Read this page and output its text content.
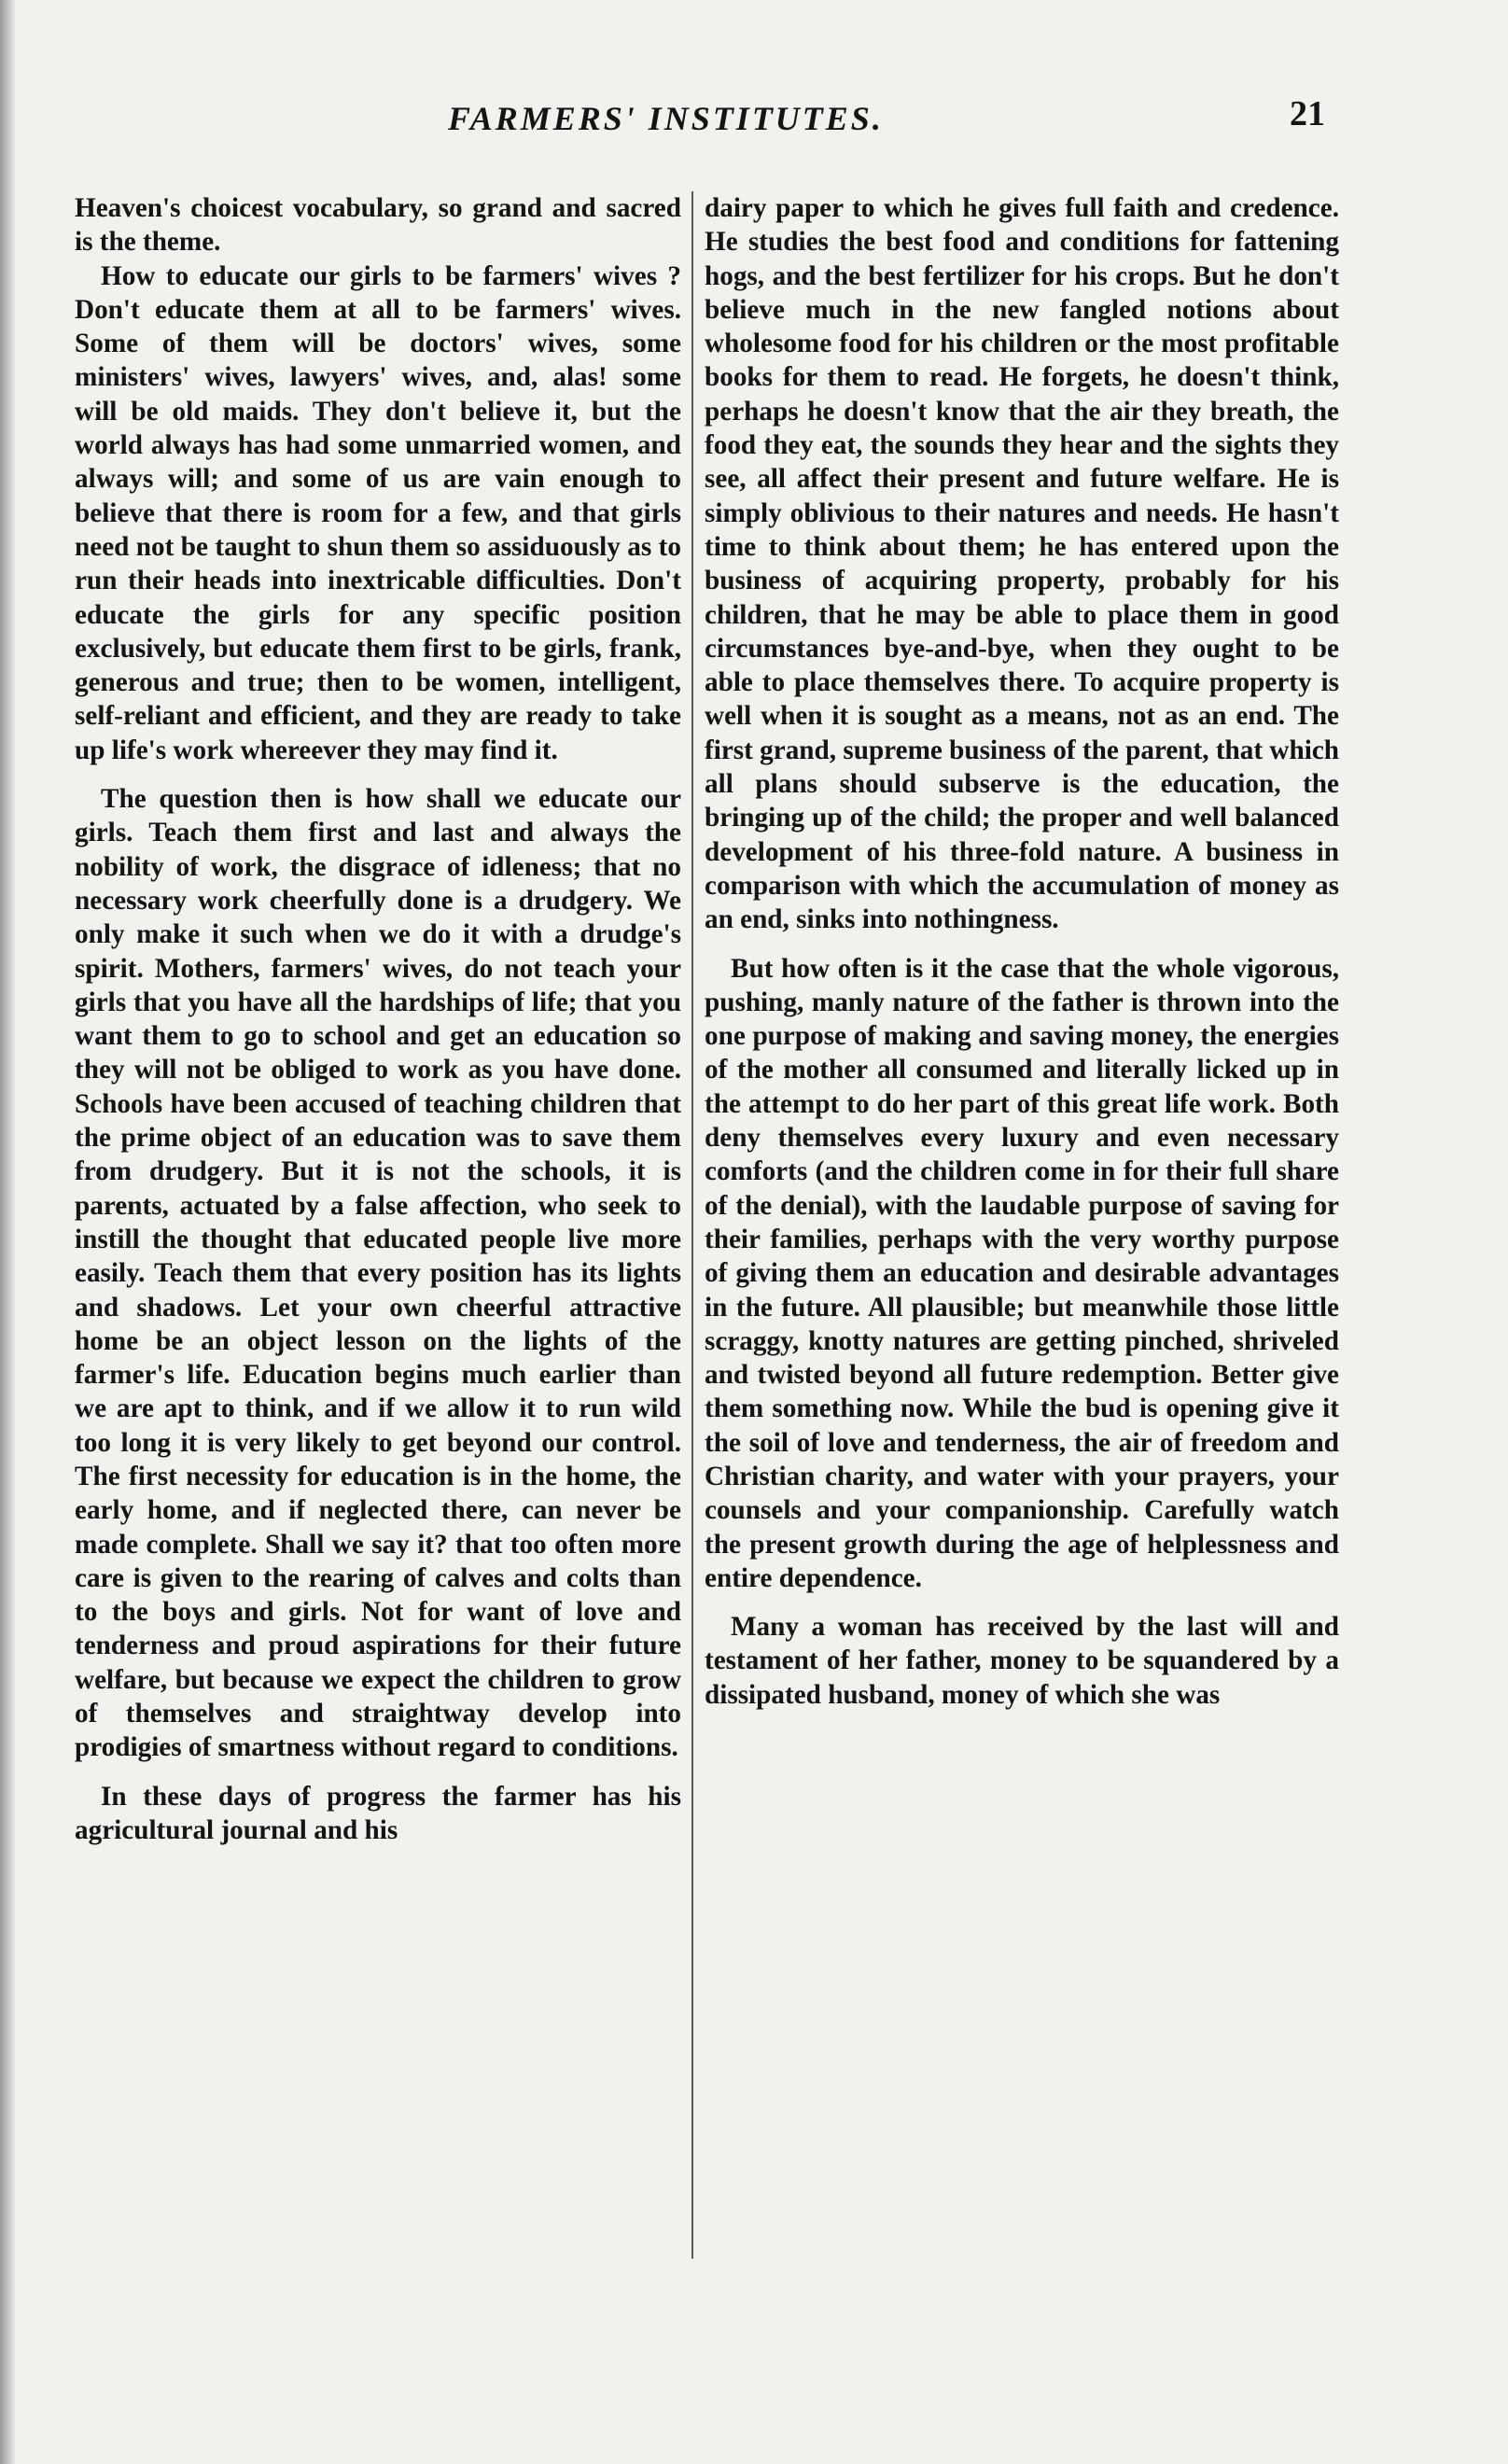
FARMERS' INSTITUTES.	21

Heaven's choicest vocabulary, so grand and sacred is the theme.

How to educate our girls to be farmers' wives ? Don't educate them at all to be farmers' wives. Some of them will be doctors' wives, some ministers' wives, lawyers' wives, and, alas! some will be old maids. They don't believe it, but the world always has had some unmarried women, and always will; and some of us are vain enough to believe that there is room for a few, and that girls need not be taught to shun them so assiduously as to run their heads into inextricable difficulties. Don't educate the girls for any specific position exclusively, but educate them first to be girls, frank, generous and true; then to be women, intelligent, self-reliant and efficient, and they are ready to take up life's work whereever they may find it.

The question then is how shall we educate our girls. Teach them first and last and always the nobility of work, the disgrace of idleness; that no necessary work cheerfully done is a drudgery. We only make it such when we do it with a drudge's spirit. Mothers, farmers' wives, do not teach your girls that you have all the hardships of life; that you want them to go to school and get an education so they will not be obliged to work as you have done. Schools have been accused of teaching children that the prime object of an education was to save them from drudgery. But it is not the schools, it is parents, actuated by a false affection, who seek to instill the thought that educated people live more easily. Teach them that every position has its lights and shadows. Let your own cheerful attractive home be an object lesson on the lights of the farmer's life. Education begins much earlier than we are apt to think, and if we allow it to run wild too long it is very likely to get beyond our control. The first necessity for education is in the home, the early home, and if neglected there, can never be made complete. Shall we say it? that too often more care is given to the rearing of calves and colts than to the boys and girls. Not for want of love and tenderness and proud aspirations for their future welfare, but because we expect the children to grow of themselves and straightway develop into prodigies of smartness without regard to conditions.

In these days of progress the farmer has his agricultural journal and his

dairy paper to which he gives full faith and credence. He studies the best food and conditions for fattening hogs, and the best fertilizer for his crops. But he don't believe much in the new fangled notions about wholesome food for his children or the most profitable books for them to read. He forgets, he doesn't think, perhaps he doesn't know that the air they breath, the food they eat, the sounds they hear and the sights they see, all affect their present and future welfare. He is simply oblivious to their natures and needs. He hasn't time to think about them; he has entered upon the business of acquiring property, probably for his children, that he may be able to place them in good circumstances bye-and-bye, when they ought to be able to place themselves there. To acquire property is well when it is sought as a means, not as an end. The first grand, supreme business of the parent, that which all plans should subserve is the education, the bringing up of the child; the proper and well balanced development of his three-fold nature. A business in comparison with which the accumulation of money as an end, sinks into nothingness.

But how often is it the case that the whole vigorous, pushing, manly nature of the father is thrown into the one purpose of making and saving money, the energies of the mother all consumed and literally licked up in the attempt to do her part of this great life work. Both deny themselves every luxury and even necessary comforts (and the children come in for their full share of the denial), with the laudable purpose of saving for their families, perhaps with the very worthy purpose of giving them an education and desirable advantages in the future. All plausible; but meanwhile those little scraggy, knotty natures are getting pinched, shriveled and twisted beyond all future redemption. Better give them something now. While the bud is opening give it the soil of love and tenderness, the air of freedom and Christian charity, and water with your prayers, your counsels and your companionship. Carefully watch the present growth during the age of helplessness and entire dependence.

Many a woman has received by the last will and testament of her father, money to be squandered by a dissipated husband, money of which she was
